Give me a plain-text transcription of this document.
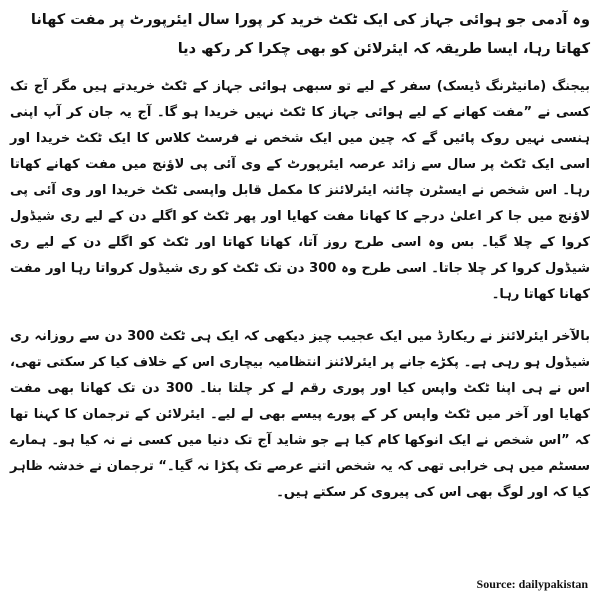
وہ آدمی جو ہوائی جہاز کی ایک ٹکٹ خرید کر پورا سال ایئرپورٹ پر مفت کھانا کھاتا رہا، ایسا طریقہ کہ ایئرلائن کو بھی چکرا کر رکھ دیا

بیجنگ (مانیٹرنگ ڈیسک) سفر کے لیے تو سبھی ہوائی جہاز کے ٹکٹ خریدتے ہیں مگر آج تک کسی نے ”مفت کھانے کے لیے ہوائی جہاز کا ٹکٹ نہیں خریدا ہو گا۔ آج یہ جان کر آپ اپنی ہنسی نہیں روک پائیں گے کہ چین میں ایک شخص نے فرسٹ کلاس کا ایک ٹکٹ خریدا اور اسی ایک ٹکٹ پر سال سے زائد عرصہ ایئرپورٹ کے وی آئی پی لاؤنج میں مفت کھانے کھاتا رہا۔ اس شخص نے ایسٹرن چائنہ ایئرلائنز کا مکمل قابل واپسی ٹکٹ خریدا اور وی آئی پی لاؤنج میں جا کر اعلیٰ درجے کا کھانا مفت کھایا اور پھر ٹکٹ کو اگلے دن کے لیے ری شیڈول کروا کے چلا گیا۔ بس وہ اسی طرح روز آتا، کھانا کھاتا اور ٹکٹ کو اگلے دن کے لیے ری شیڈول کروا کر چلا جاتا۔ اسی طرح وہ 300 دن تک ٹکٹ کو ری شیڈول کرواتا رہا اور مفت کھانا کھاتا رہا۔

بالآخر ایئرلائنز نے ریکارڈ میں ایک عجیب چیز دیکھی کہ ایک ہی ٹکٹ 300 دن سے روزانہ ری شیڈول ہو رہی ہے۔ پکڑے جانے پر ایئرلائنز انتظامیہ بیچاری اس کے خلاف کیا کر سکتی تھی، اس نے ہی اپنا ٹکٹ واپس کیا اور پوری رقم لے کر چلتا بنا۔ 300 دن تک کھانا بھی مفت کھایا اور آخر میں ٹکٹ واپس کر کے پورے پیسے بھی لے لیے۔ ایئرلائن کے ترجمان کا کہنا تھا کہ ”اس شخص نے ایک انوکھا کام کیا ہے جو شاید آج تک دنیا میں کسی نے نہ کیا ہو۔ ہمارے سسٹم میں ہی خرابی تھی کہ یہ شخص اتنے عرصے تک پکڑا نہ گیا۔“ ترجمان نے خدشہ ظاہر کیا کہ اور لوگ بھی اس کی پیروی کر سکتے ہیں۔

Source: dailypakistan
